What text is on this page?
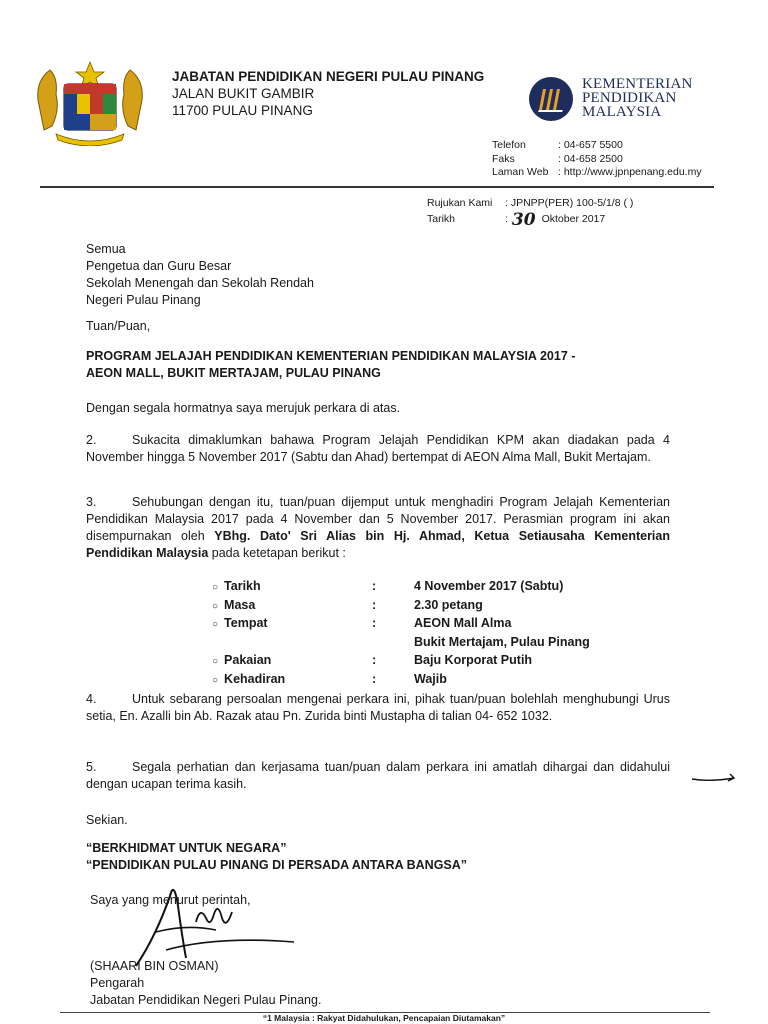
JABATAN PENDIDIKAN NEGERI PULAU PINANG
JALAN BUKIT GAMBIR
11700 PULAU PINANG
KEMENTERIAN
PENDIDIKAN
MALAYSIA
Telefon	: 04-657 5500
Faks	: 04-658 2500
Laman Web : http://www.jpnpenang.edu.my
Rujukan Kami : JPNPP(PER) 100-5/1/8 ( )
Tarikh	: 30 Oktober 2017
Semua
Pengetua dan Guru Besar
Sekolah Menengah dan Sekolah Rendah
Negeri Pulau Pinang
Tuan/Puan,
PROGRAM JELAJAH PENDIDIKAN KEMENTERIAN PENDIDIKAN MALAYSIA 2017 -
AEON MALL, BUKIT MERTAJAM, PULAU PINANG
Dengan segala hormatnya saya merujuk perkara di atas.
2.	Sukacita dimaklumkan bahawa Program Jelajah Pendidikan KPM akan diadakan pada 4 November hingga 5 November 2017 (Sabtu dan Ahad) bertempat di AEON Alma Mall, Bukit Mertajam.
3.	Sehubungan dengan itu, tuan/puan dijemput untuk menghadiri Program Jelajah Kementerian Pendidikan Malaysia 2017 pada 4 November dan 5 November 2017. Perasmian program ini akan disempurnakan oleh YBhg. Dato' Sri Alias bin Hj. Ahmad, Ketua Setiausaha Kementerian Pendidikan Malaysia pada ketetapan berikut :
○ Tarikh	:	4 November 2017 (Sabtu)
○ Masa	:	2.30 petang
○ Tempat	:	AEON Mall Alma
Bukit Mertajam, Pulau Pinang
○ Pakaian	:	Baju Korporat Putih
○ Kehadiran	:	Wajib
4.	Untuk sebarang persoalan mengenai perkara ini, pihak tuan/puan bolehlah menghubungi Urus setia, En. Azalli bin Ab. Razak atau Pn. Zurida binti Mustapha di talian 04- 652 1032.
5.	Segala perhatian dan kerjasama tuan/puan dalam perkara ini amatlah dihargai dan didahului dengan ucapan terima kasih.
Sekian.
“BERKHIDMAT UNTUK NEGARA”
“PENDIDIKAN PULAU PINANG DI PERSADA ANTARA BANGSA”
Saya yang menurut perintah,
(SHAARI BIN OSMAN)
Pengarah
Jabatan Pendidikan Negeri Pulau Pinang.
“1 Malaysia : Rakyat Didahulukan, Pencapaian Diutamakan”
